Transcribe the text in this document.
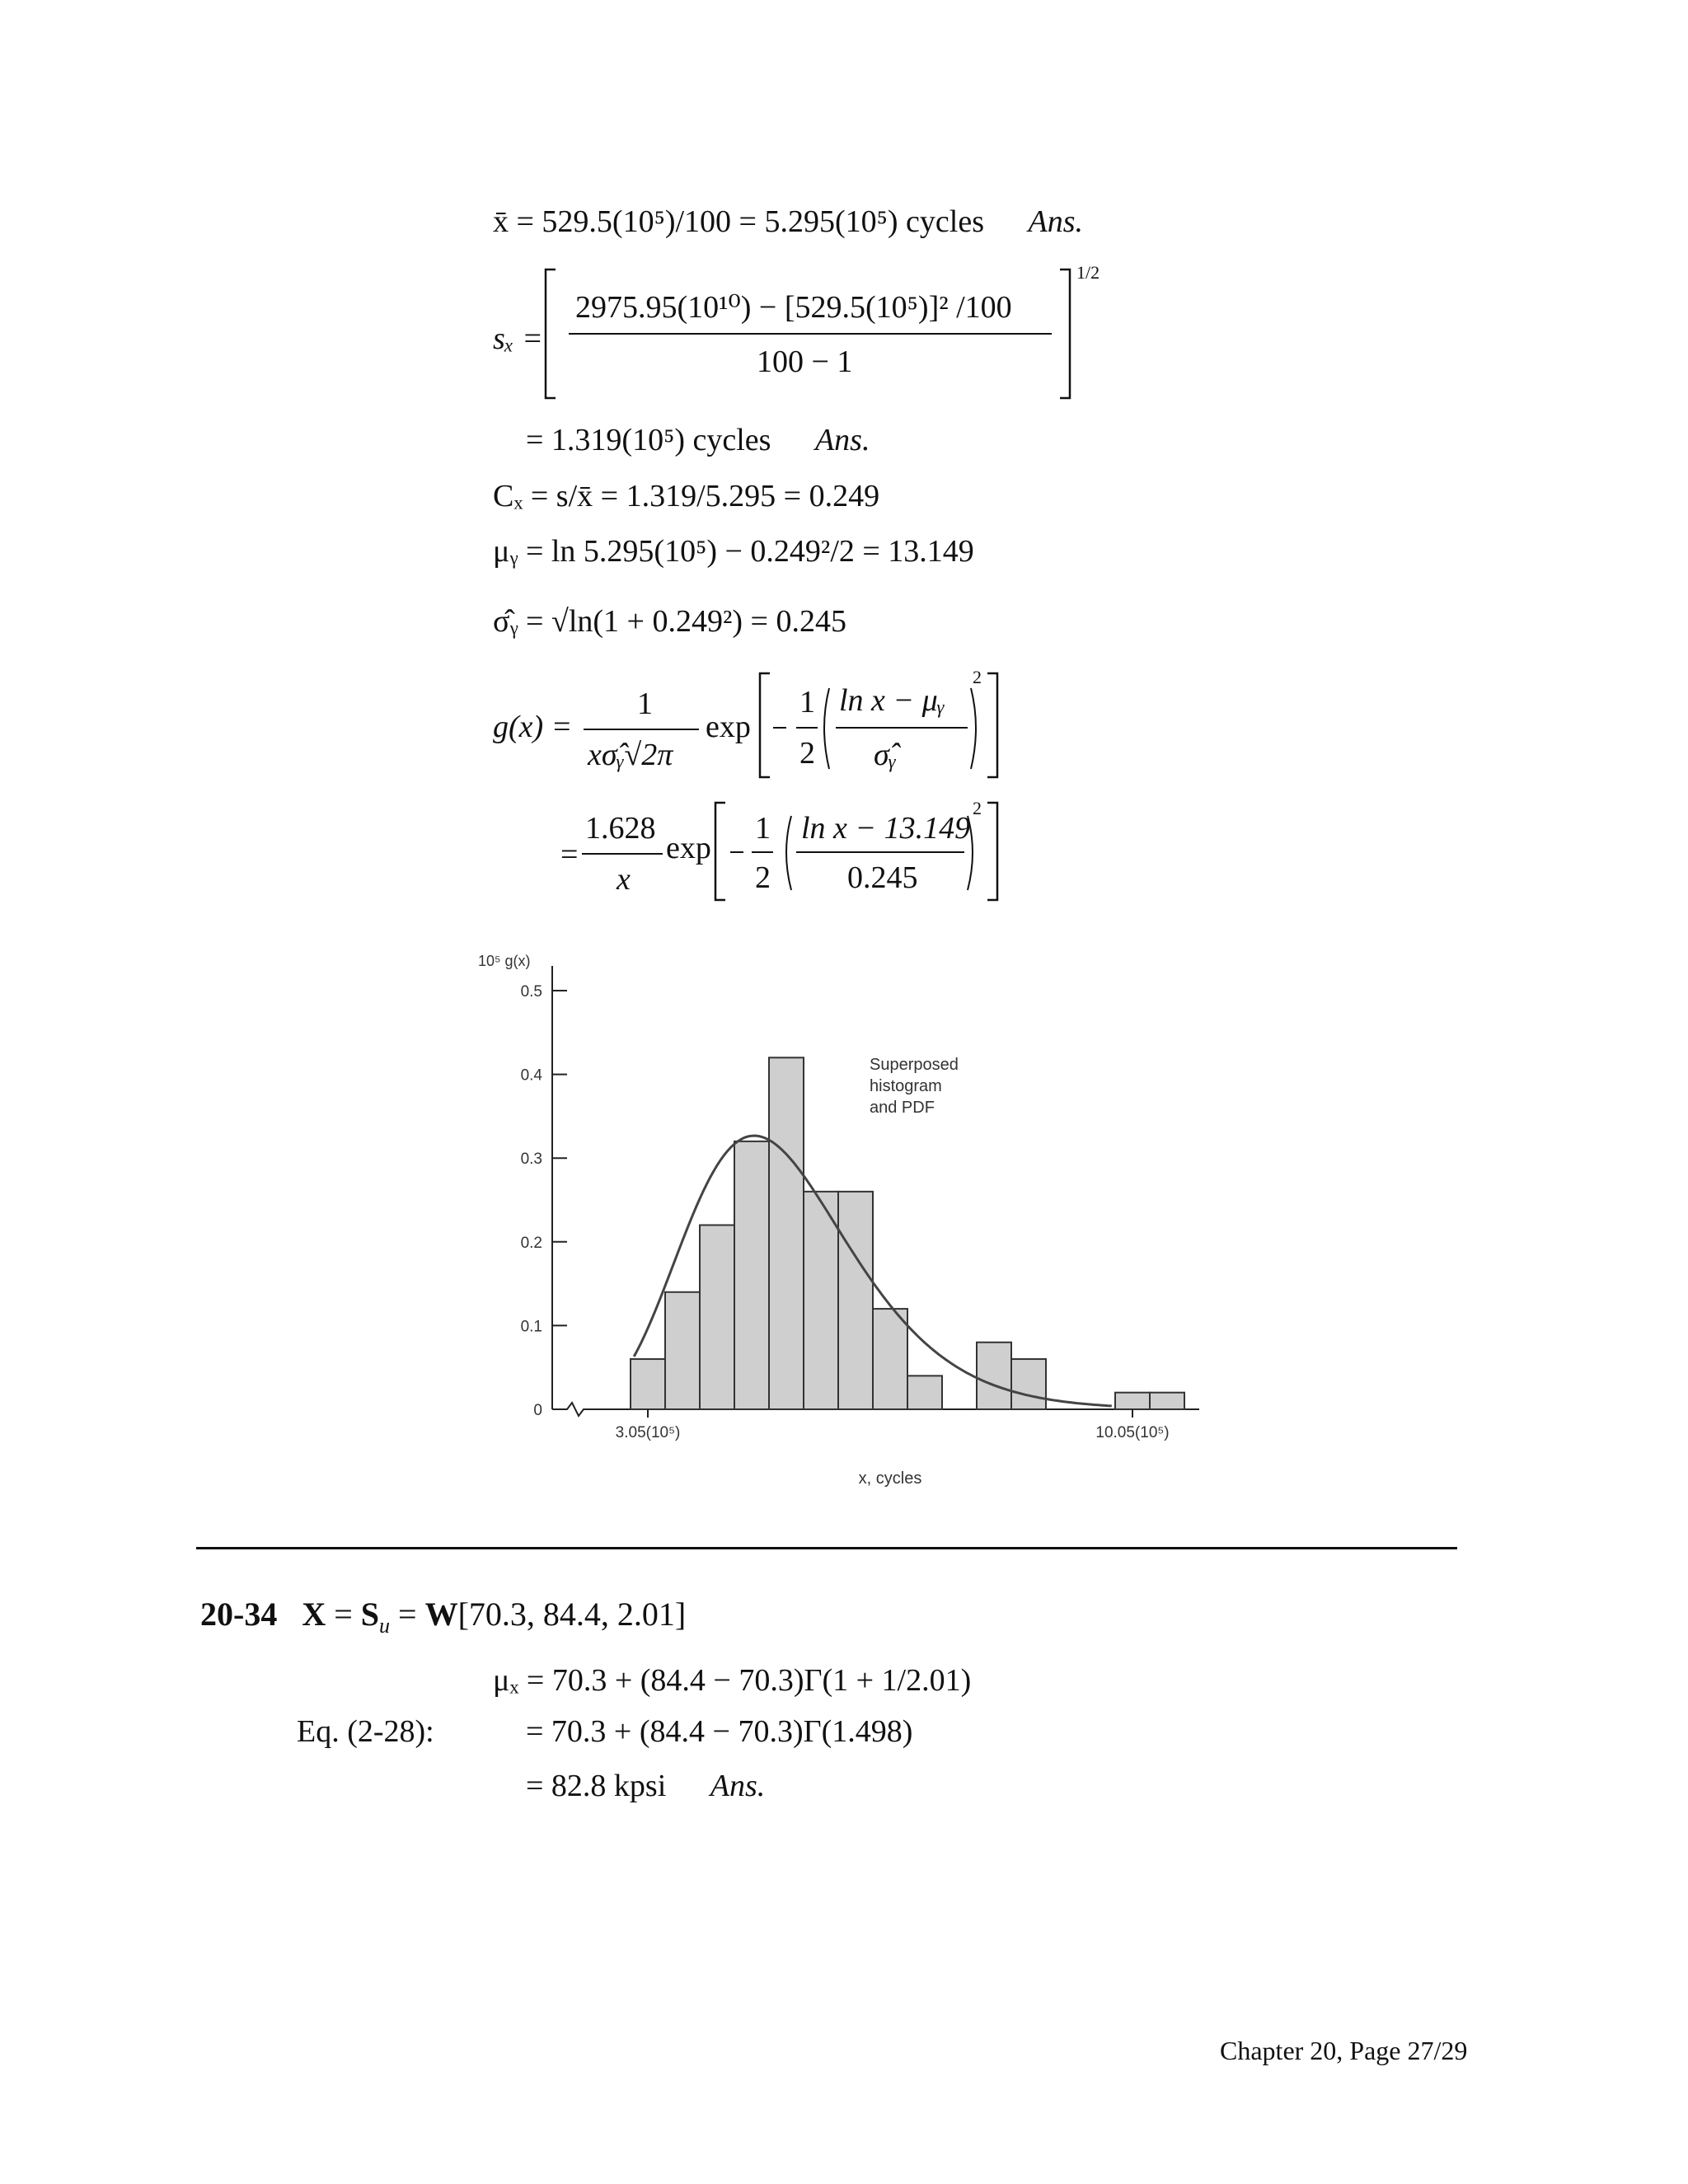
x̄ = 529.5(10⁵)/100 = 5.295(10⁵) cycles Ans.
sₓ =
2975.95(10¹⁰) − [529.5(10⁵)]² /100
100 − 1
1/2
= 1.319(10⁵) cycles Ans.
Cₓ = s/x̄ = 1.319/5.295 = 0.249
μᵧ = ln 5.295(10⁵) − 0.249²/2 = 13.149
σ̂ᵧ = √ln(1 + 0.249²) = 0.245
g(x) =
1
xσ̂ᵧ√2π
exp
1
2
ln x − μᵧ
σ̂ᵧ
2
=
1.628
x
exp
1
2
ln x − 13.149
0.245
2
0
0.1
0.2
0.3
0.4
0.5
10⁵ g(x)
3.05(10⁵)	10.05(10⁵)
x, cycles
Superposed
histogram
and PDF
20-34 $X = S_u = W[70.3$, 84.4, 2.01]
Eq. (2-28):
μₓ = 70.3 + (84.4 − 70.3)Γ(1 + 1/2.01)
= 70.3 + (84.4 − 70.3)Γ(1.498)
= 82.8 kpsi Ans.
Chapter 20, Page 27/29
